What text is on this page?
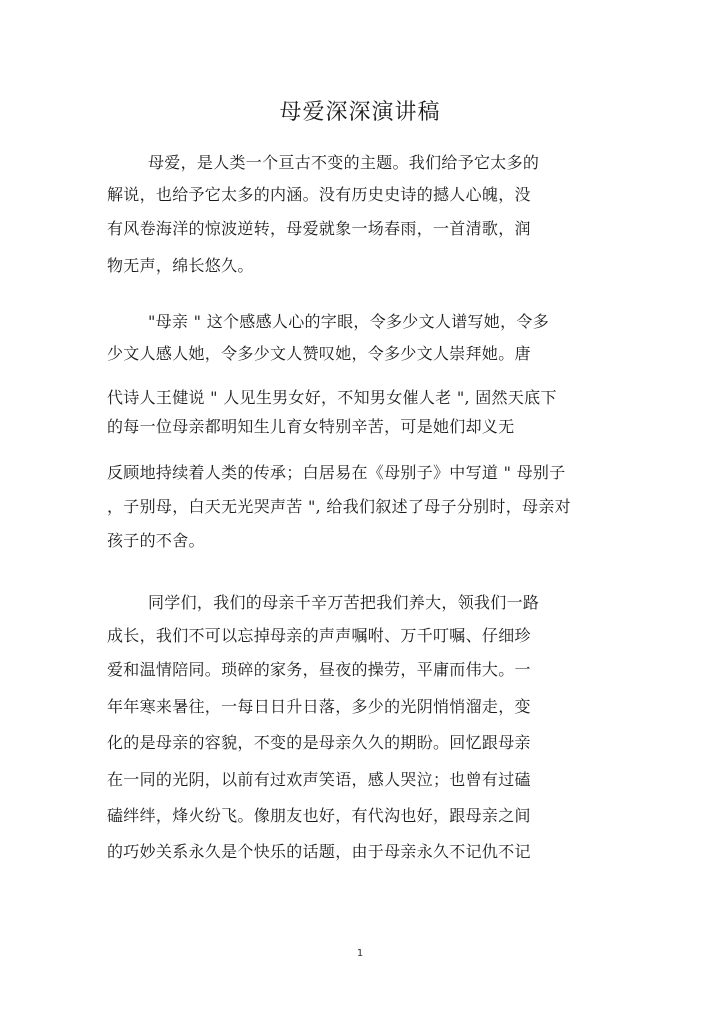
母爱深深演讲稿
母爱，是人类一个亘古不变的主题。我们给予它太多的
解说，也给予它太多的内涵。没有历史史诗的撼人心魄，没
有风卷海洋的惊波逆转，母爱就象一场春雨，一首清歌，润
物无声，绵长悠久。
"母亲 " 这个感感人心的字眼，令多少文人谱写她，令多
少文人感人她，令多少文人赞叹她，令多少文人崇拜她。唐
代诗人王健说 " 人见生男女好，不知男女催人老 ", 固然天底下
的每一位母亲都明知生儿育女特别辛苦，可是她们却义无
反顾地持续着人类的传承；白居易在《母别子》中写道 " 母别子
，子别母，白天无光哭声苦 ", 给我们叙述了母子分别时，母亲对
孩子的不舍。
同学们，我们的母亲千辛万苦把我们养大，领我们一路
成长，我们不可以忘掉母亲的声声嘱咐、万千叮嘱、仔细珍
爱和温情陪同。琐碎的家务，昼夜的操劳，平庸而伟大。一
年年寒来暑往，一每日日升日落，多少的光阴悄悄溜走，变
化的是母亲的容貌，不变的是母亲久久的期盼。回忆跟母亲
在一同的光阴，以前有过欢声笑语，感人哭泣；也曾有过磕
磕绊绊，烽火纷飞。像朋友也好，有代沟也好，跟母亲之间
的巧妙关系永久是个快乐的话题，由于母亲永久不记仇不记
1
